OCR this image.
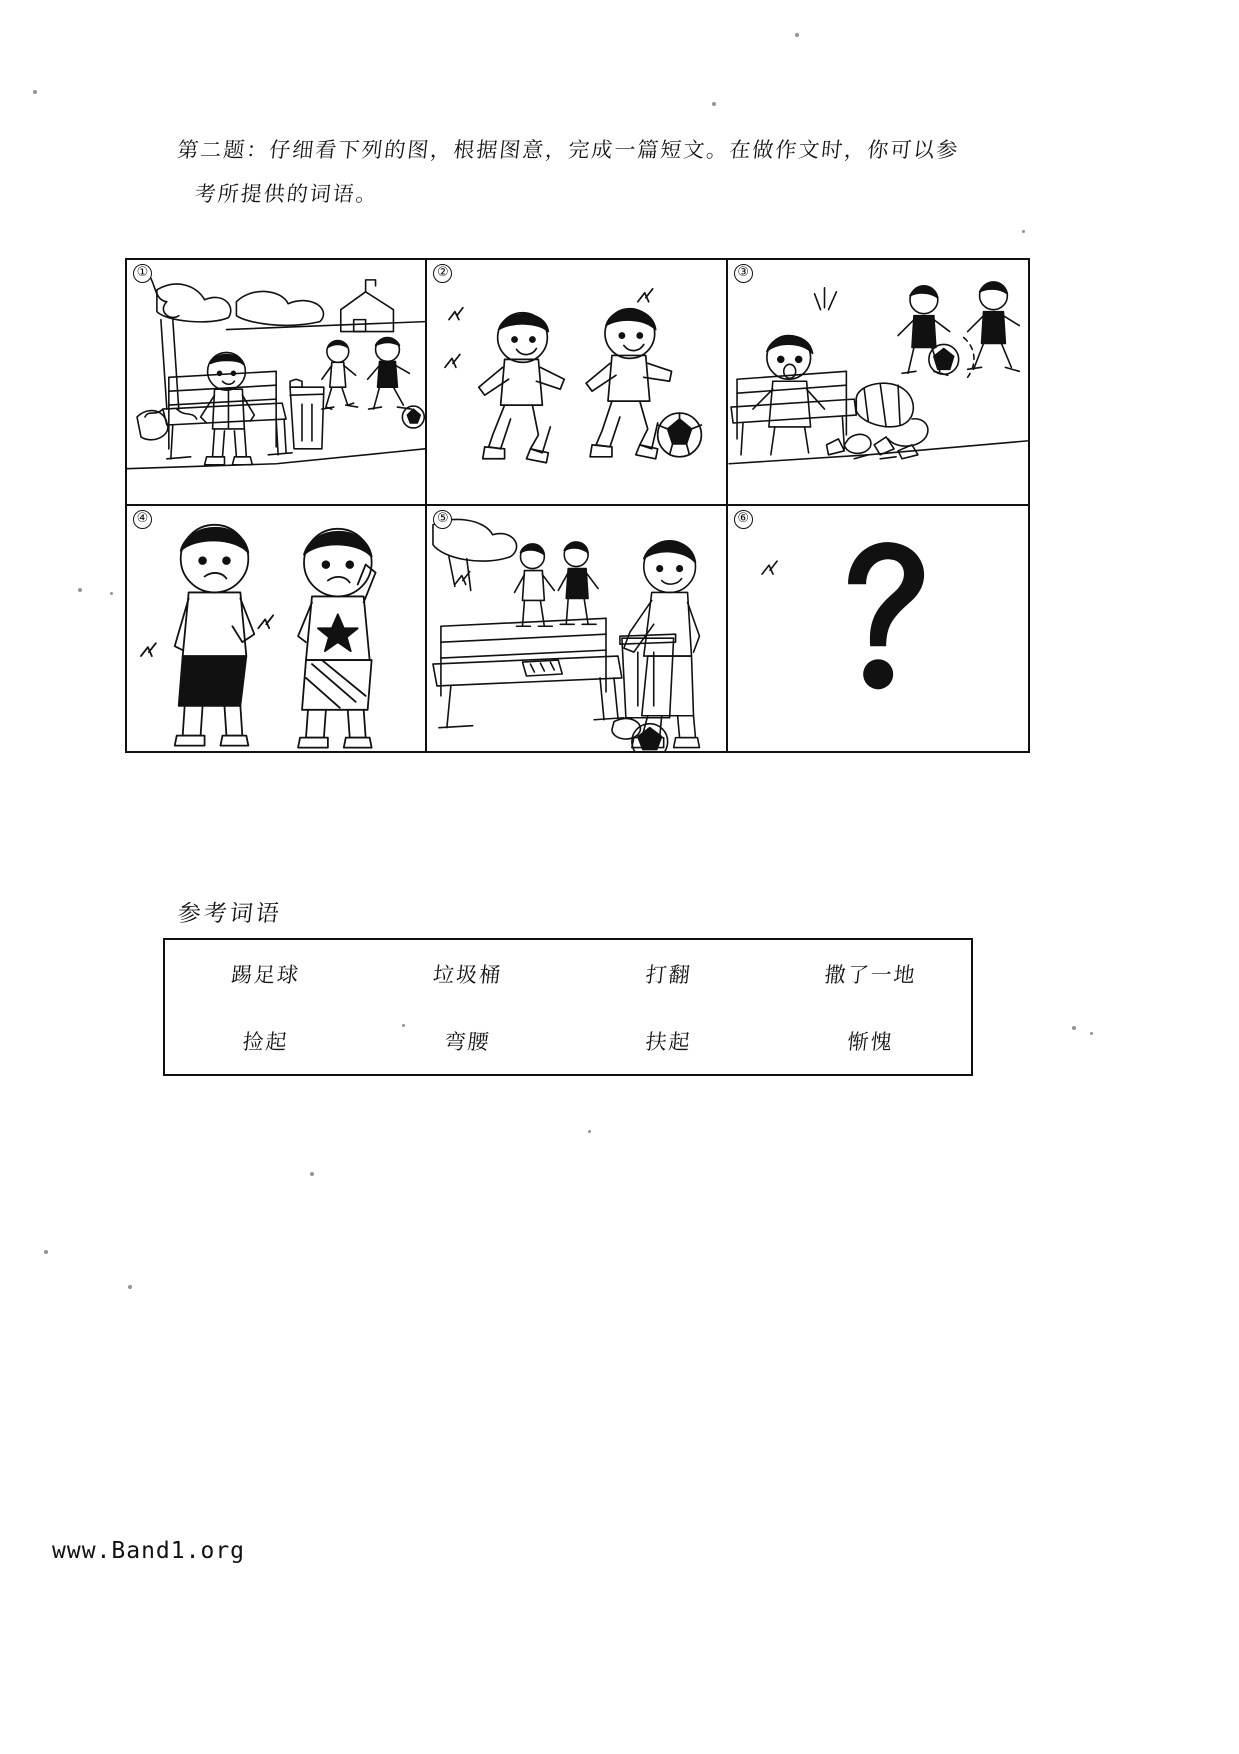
第二题：仔细看下列的图，根据图意，完成一篇短文。在做作文时，你可以参
考所提供的词语。
①	②	③
④	⑤	⑥
参考词语
踢足球	垃圾桶	打翻	撒了一地
捡起	弯腰	扶起	惭愧
www.Band1.org
